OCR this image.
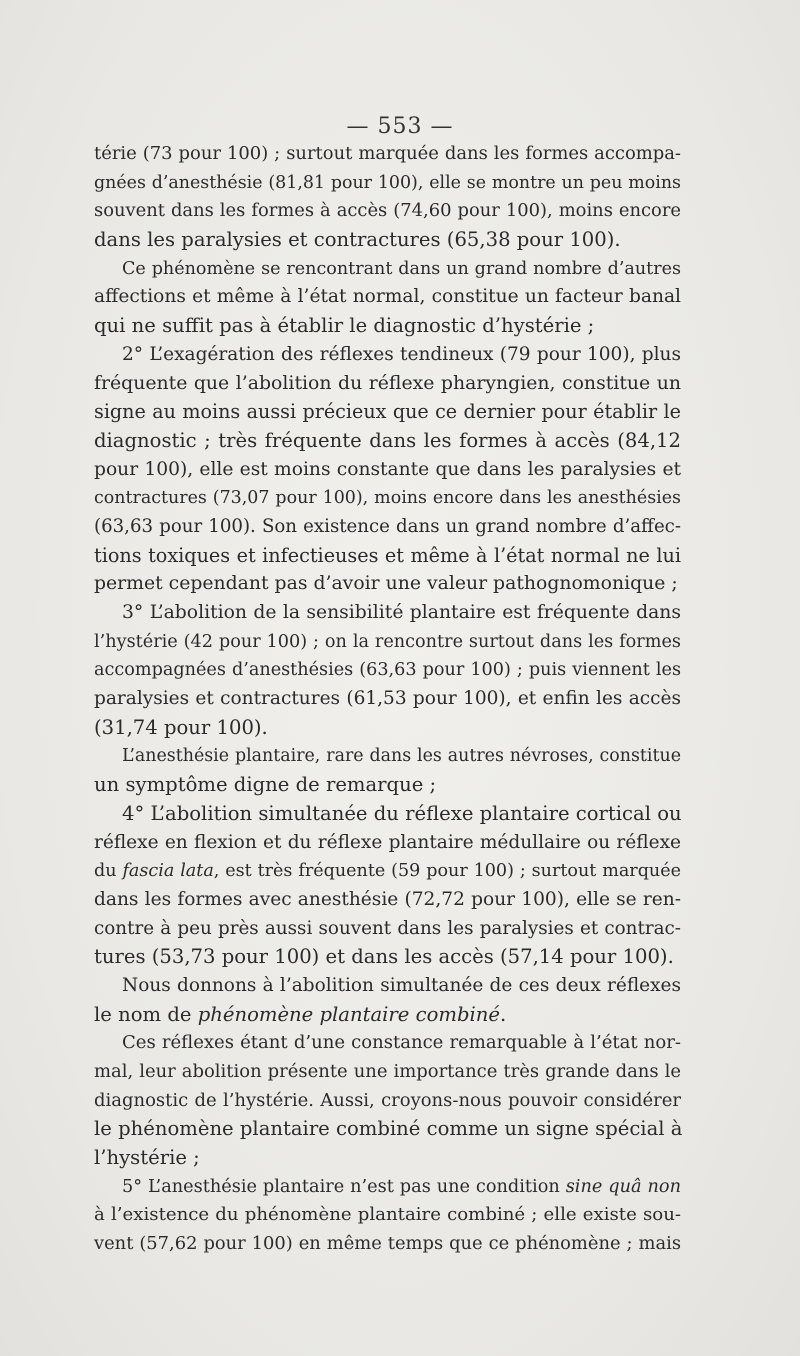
— 553 —
térie (73 pour 100) ; surtout marquée dans les formes accompa-
gnées d’anesthésie (81,81 pour 100), elle se montre un peu moins
souvent dans les formes à accès (74,60 pour 100), moins encore
dans les paralysies et contractures (65,38 pour 100).
Ce phénomène se rencontrant dans un grand nombre d’autres
affections et même à l’état normal, constitue un facteur banal
qui ne suffit pas à établir le diagnostic d’hystérie ;
2° L’exagération des réflexes tendineux (79 pour 100), plus
fréquente que l’abolition du réflexe pharyngien, constitue un
signe au moins aussi précieux que ce dernier pour établir le
diagnostic ; très fréquente dans les formes à accès (84,12
pour 100), elle est moins constante que dans les paralysies et
contractures (73,07 pour 100), moins encore dans les anesthésies
(63,63 pour 100). Son existence dans un grand nombre d’affec-
tions toxiques et infectieuses et même à l’état normal ne lui
permet cependant pas d’avoir une valeur pathognomonique ;
3° L’abolition de la sensibilité plantaire est fréquente dans
l’hystérie (42 pour 100) ; on la rencontre surtout dans les formes
accompagnées d’anesthésies (63,63 pour 100) ; puis viennent les
paralysies et contractures (61,53 pour 100), et enfin les accès
(31,74 pour 100).
L’anesthésie plantaire, rare dans les autres névroses, constitue
un symptôme digne de remarque ;
4° L’abolition simultanée du réflexe plantaire cortical ou
réflexe en flexion et du réflexe plantaire médullaire ou réflexe
du fascia lata, est très fréquente (59 pour 100) ; surtout marquée
dans les formes avec anesthésie (72,72 pour 100), elle se ren-
contre à peu près aussi souvent dans les paralysies et contrac-
tures (53,73 pour 100) et dans les accès (57,14 pour 100).
Nous donnons à l’abolition simultanée de ces deux réflexes
le nom de phénomène plantaire combiné.
Ces réflexes étant d’une constance remarquable à l’état nor-
mal, leur abolition présente une importance très grande dans le
diagnostic de l’hystérie. Aussi, croyons-nous pouvoir considérer
le phénomène plantaire combiné comme un signe spécial à
l’hystérie ;
5° L’anesthésie plantaire n’est pas une condition sine quâ non
à l’existence du phénomène plantaire combiné ; elle existe sou-
vent (57,62 pour 100) en même temps que ce phénomène ; mais
